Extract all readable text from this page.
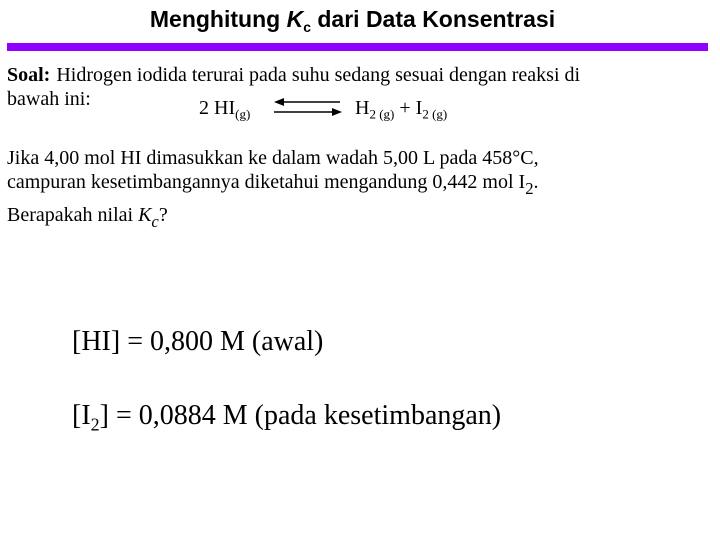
Menghitung $K_c$ dari Data Konsentrasi
Soal: Hidrogen iodida terurai pada suhu sedang sesuai dengan reaksi di
bawah ini:	2 $HI_{(g)}$	$H_{2 (g)} + I_{2 (g)}$
Jika 4,00 mol HI dimasukkan ke dalam wadah 5,00 L pada 458°C,
campuran kesetimbangannya diketahui mengandung 0,442 mol $I_2$.
Berapakah nilai $K_c$?
[HI] = 0,800 M (awal)
$[I_2] = 0,0884$ M (pada kesetimbangan)
